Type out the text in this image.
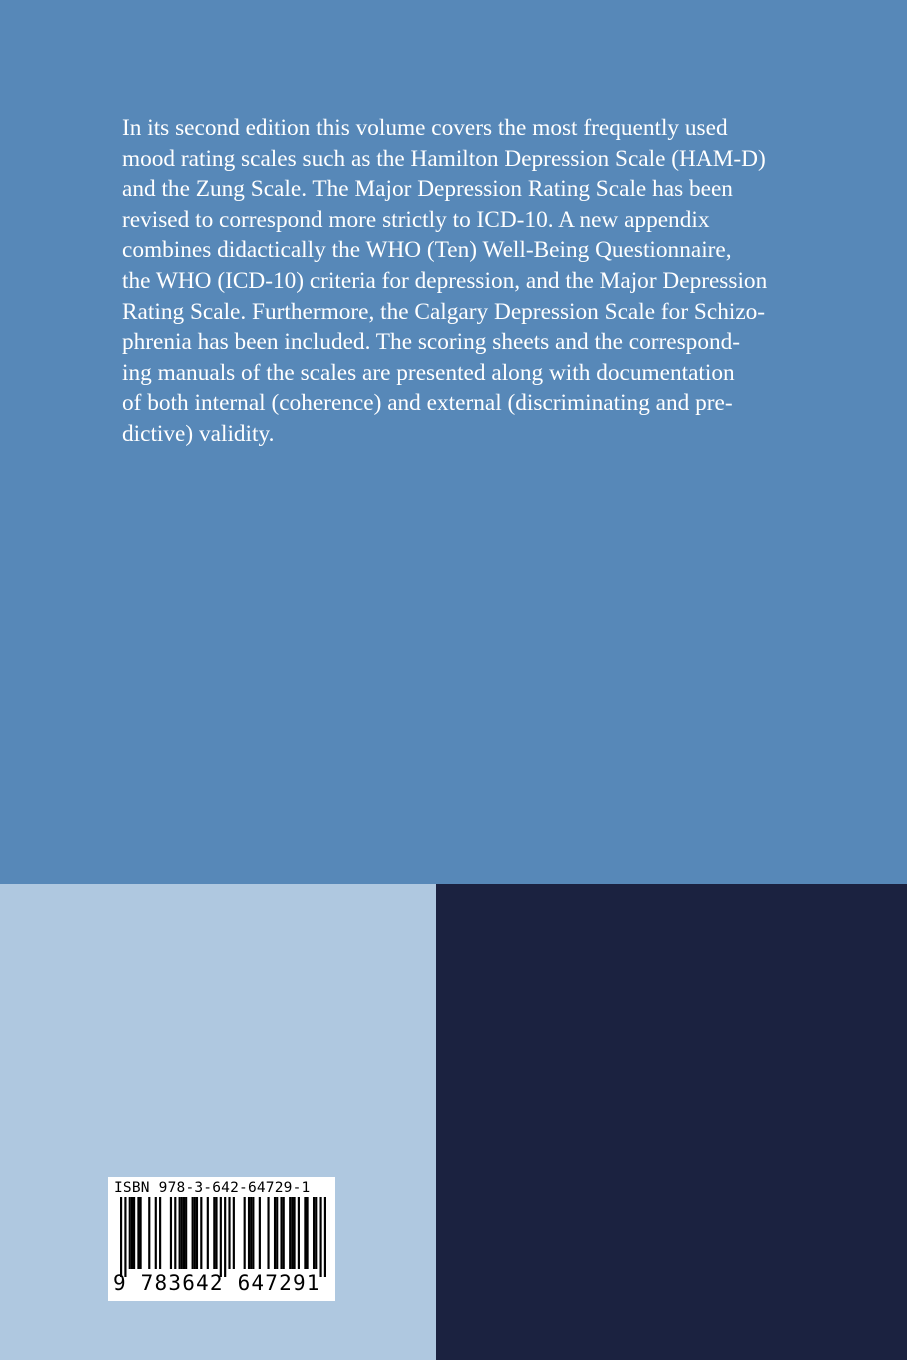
In its second edition this volume covers the most frequently used
mood rating scales such as the Hamilton Depression Scale (HAM-D)
and the Zung Scale. The Major Depression Rating Scale has been
revised to correspond more strictly to ICD-10. A new appendix
combines didactically the WHO (Ten) Well-Being Questionnaire,
the WHO (ICD-10) criteria for depression, and the Major Depression
Rating Scale. Furthermore, the Calgary Depression Scale for Schizo-
phrenia has been included. The scoring sheets and the correspond-
ing manuals of the scales are presented along with documentation
of both internal (coherence) and external (discriminating and pre-
dictive) validity.

ISBN 978-3-642-64729-1
9 783642 647291
